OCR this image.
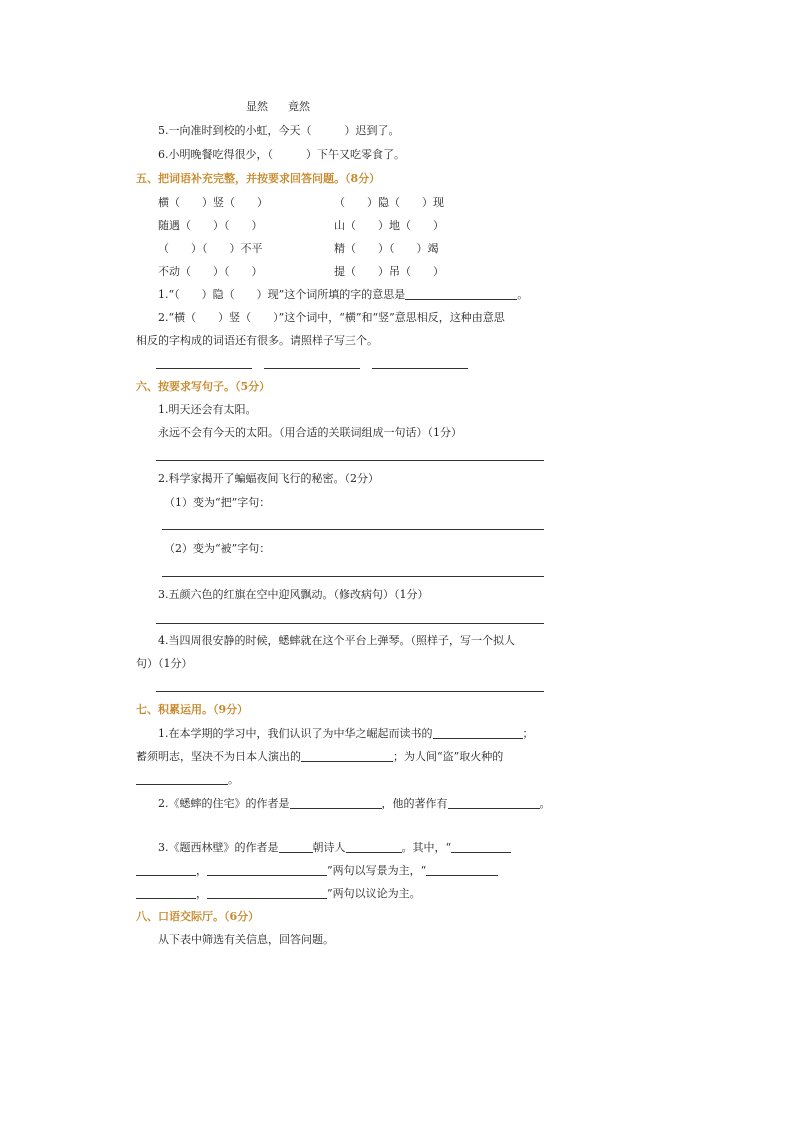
显然 竟然
5.一向准时到校的小虹，今天（　　　）迟到了。
6.小明晚餐吃得很少，（　　　）下午又吃零食了。
五、把词语补充完整，并按要求回答问题。（8分）
横（　　）竖（　　）	（　　）隐（　　）现
随遇（　　）（　　）	山（　　）地（　　）
（　　）（　　）不平	精（　　）（　　）竭
不动（　　）（　　）	提（　　）吊（　　）
1.“（　　）隐（　　）现”这个词所填的字的意思是	。
2.“横（　　）竖（　　）”这个词中，“横”和“竖”意思相反，这种由意思
相反的字构成的词语还有很多。请照样子写三个。
六、按要求写句子。（5分）
1.明天还会有太阳。
永远不会有今天的太阳。（用合适的关联词组成一句话）（1分）
2.科学家揭开了蝙蝠夜间飞行的秘密。（2分）
（1）变为“把”字句：
（2）变为“被”字句：
3.五颜六色的红旗在空中迎风飘动。（修改病句）（1分）
4.当四周很安静的时候，蟋蟀就在这个平台上弹琴。（照样子，写一个拟人
句）（1分）
七、积累运用。（9分）
1.在本学期的学习中，我们认识了为中华之崛起而读书的	；
蓄须明志，坚决不为日本人演出的	；为人间“盗”取火种的
。
2.《蟋蟀的住宅》的作者是	，他的著作有	。
3.《题西林壁》的作者是	朝诗人	。其中，“
，	”两句以写景为主，“
，	”两句以议论为主。
八、口语交际厅。（6分）
从下表中筛选有关信息，回答问题。
